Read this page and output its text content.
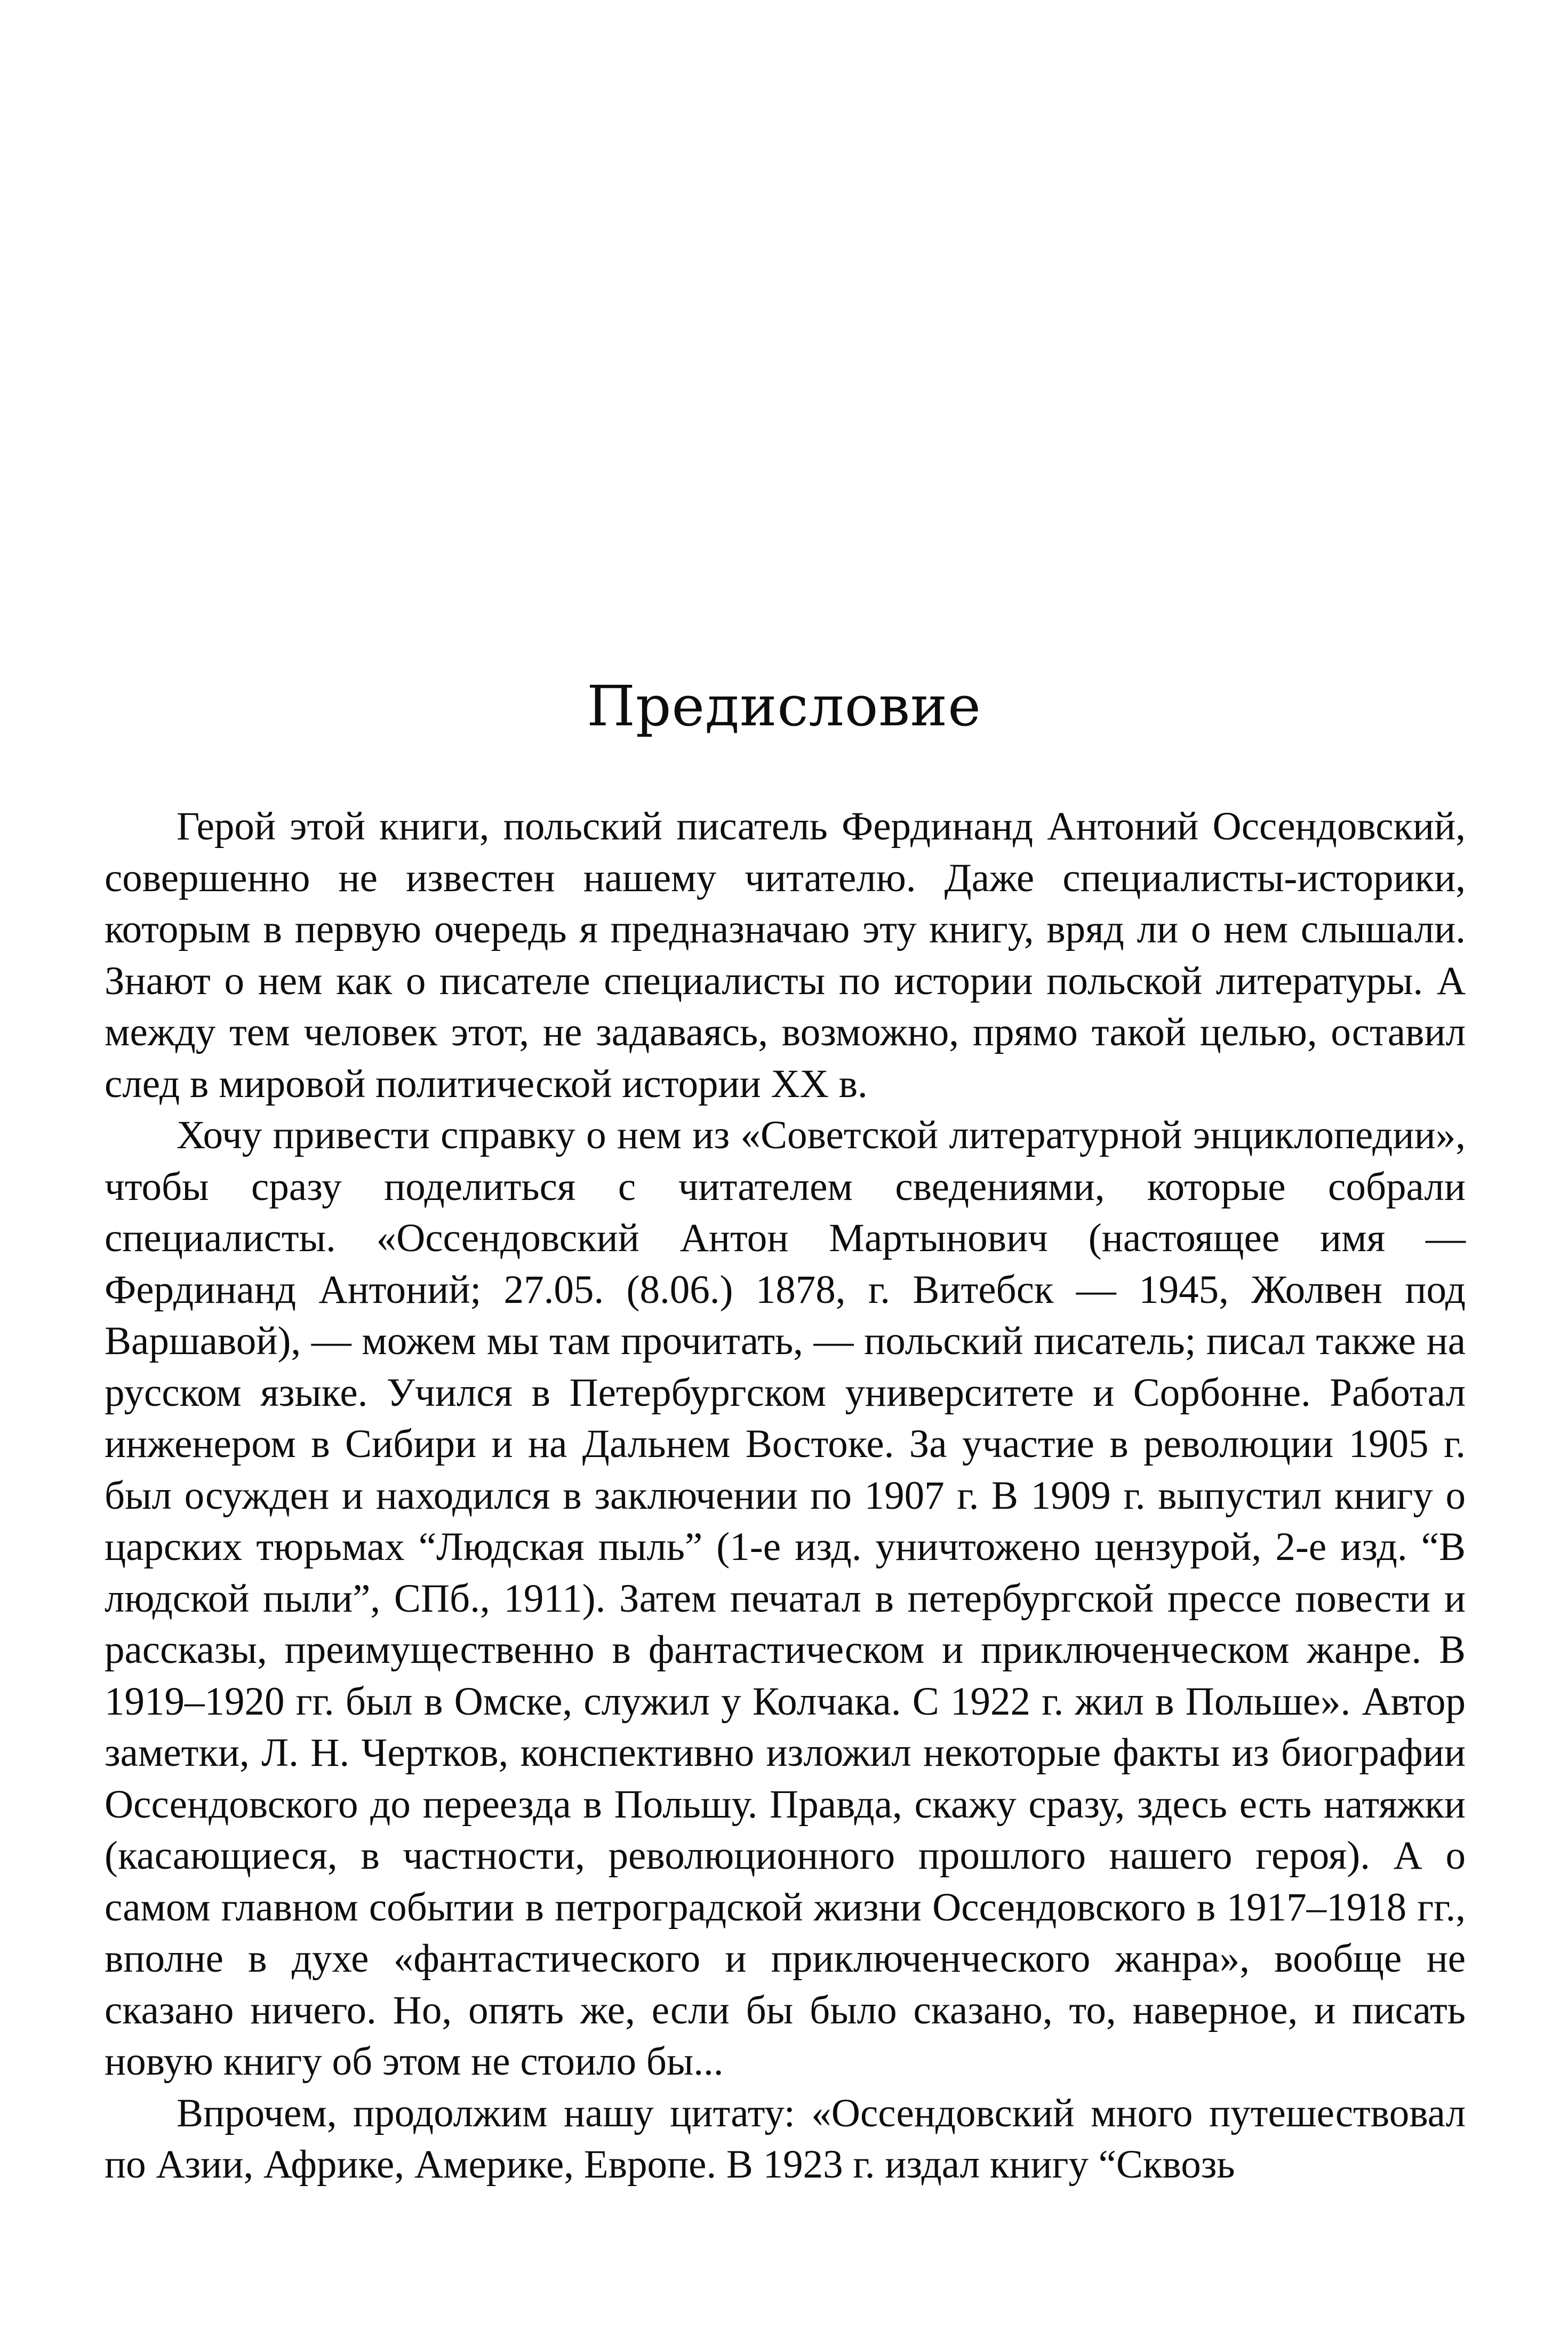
Предисловие

Герой этой книги, польский писатель Фердинанд Антоний Оссендовский, совершенно не известен нашему читателю. Даже специалисты-историки, которым в первую очередь я предназначаю эту книгу, вряд ли о нем слышали. Знают о нем как о писателе специалисты по истории польской литературы. А между тем человек этот, не задаваясь, возможно, прямо такой целью, оставил след в мировой политической истории XX в.

Хочу привести справку о нем из «Советской литературной энциклопедии», чтобы сразу поделиться с читателем сведениями, которые собрали специалисты. «Оссендовский Антон Мартынович (настоящее имя — Фердинанд Антоний; 27.05. (8.06.) 1878, г. Витебск — 1945, Жолвен под Варшавой), — можем мы там прочитать, — польский писатель; писал также на русском языке. Учился в Петербургском университете и Сорбонне. Работал инженером в Сибири и на Дальнем Востоке. За участие в революции 1905 г. был осужден и находился в заключении по 1907 г. В 1909 г. выпустил книгу о царских тюрьмах “Людская пыль” (1-е изд. уничтожено цензурой, 2-е изд. “В людской пыли”, СПб., 1911). Затем печатал в петербургской прессе повести и рассказы, преимущественно в фантастическом и приключенческом жанре. В 1919–1920 гг. был в Омске, служил у Колчака. С 1922 г. жил в Польше». Автор заметки, Л. Н. Чертков, конспективно изложил некоторые факты из биографии Оссендовского до переезда в Польшу. Правда, скажу сразу, здесь есть натяжки (касающиеся, в частности, революционного прошлого нашего героя). А о самом главном событии в петроградской жизни Оссендовского в 1917–1918 гг., вполне в духе «фантастического и приключенческого жанра», вообще не сказано ничего. Но, опять же, если бы было сказано, то, наверное, и писать новую книгу об этом не стоило бы...

Впрочем, продолжим нашу цитату: «Оссендовский много путешествовал по Азии, Африке, Америке, Европе. В 1923 г. издал книгу “Сквозь
